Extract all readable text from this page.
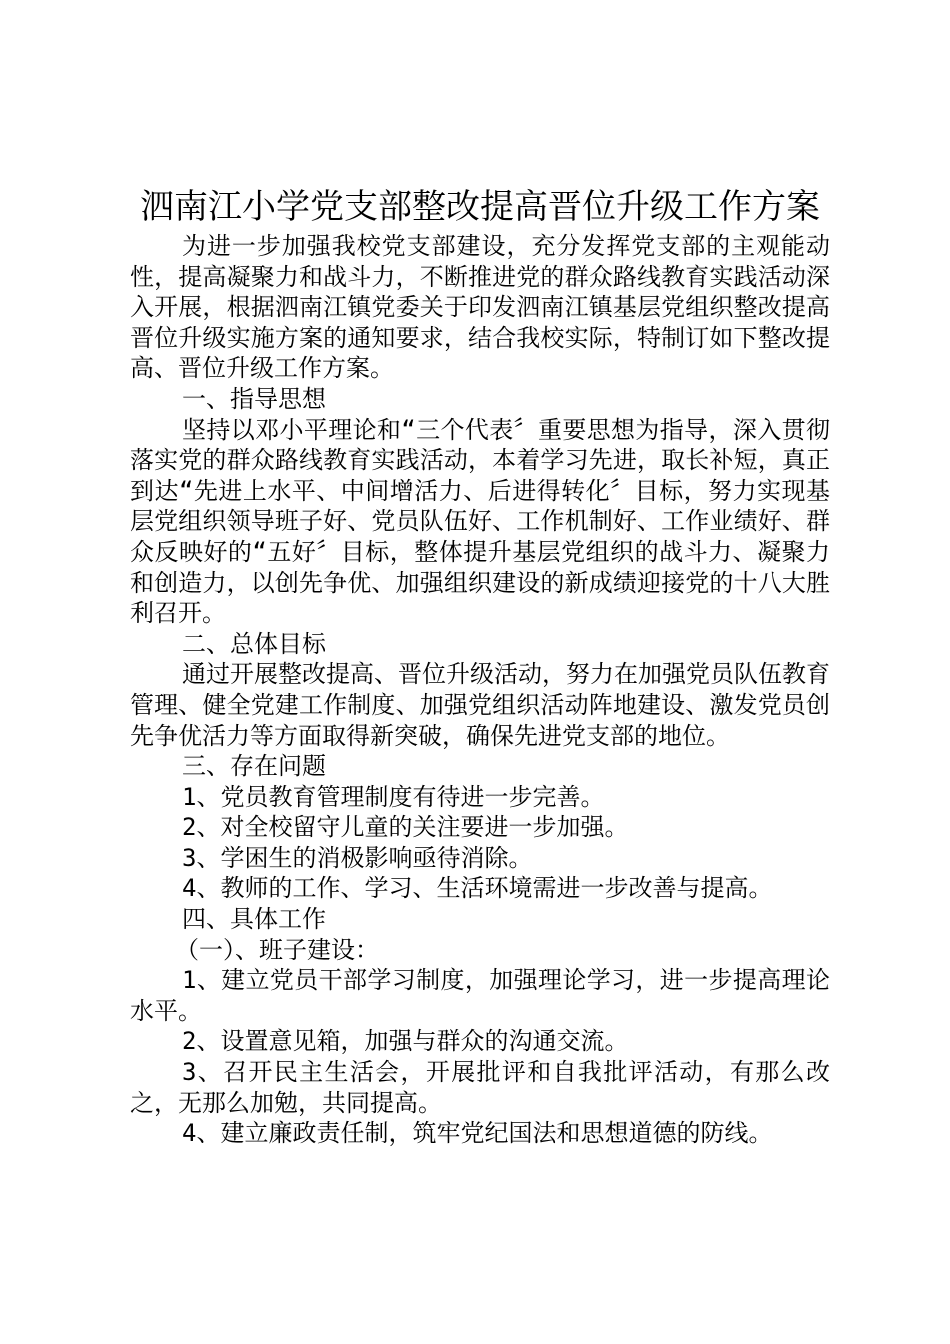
泗南江小学党支部整改提高晋位升级工作方案

为进一步加强我校党支部建设，充分发挥党支部的主观能动性，提高凝聚力和战斗力，不断推进党的群众路线教育实践活动深入开展，根据泗南江镇党委关于印发泗南江镇基层党组织整改提高晋位升级实施方案的通知要求，结合我校实际，特制订如下整改提高、晋位升级工作方案。

一、指导思想

坚持以邓小平理论和“三个代表〞重要思想为指导，深入贯彻落实党的群众路线教育实践活动，本着学习先进，取长补短，真正到达“先进上水平、中间增活力、后进得转化〞目标，努力实现基层党组织领导班子好、党员队伍好、工作机制好、工作业绩好、群众反映好的“五好〞目标，整体提升基层党组织的战斗力、凝聚力和创造力，以创先争优、加强组织建设的新成绩迎接党的十八大胜利召开。

二、总体目标

通过开展整改提高、晋位升级活动，努力在加强党员队伍教育管理、健全党建工作制度、加强党组织活动阵地建设、激发党员创先争优活力等方面取得新突破，确保先进党支部的地位。

三、存在问题

1、党员教育管理制度有待进一步完善。

2、对全校留守儿童的关注要进一步加强。

3、学困生的消极影响亟待消除。

4、教师的工作、学习、生活环境需进一步改善与提高。

四、具体工作

（一）、班子建设：

1、建立党员干部学习制度，加强理论学习，进一步提高理论水平。

2、设置意见箱，加强与群众的沟通交流。

3、召开民主生活会，开展批评和自我批评活动，有那么改之，无那么加勉，共同提高。

4、建立廉政责任制，筑牢党纪国法和思想道德的防线。
